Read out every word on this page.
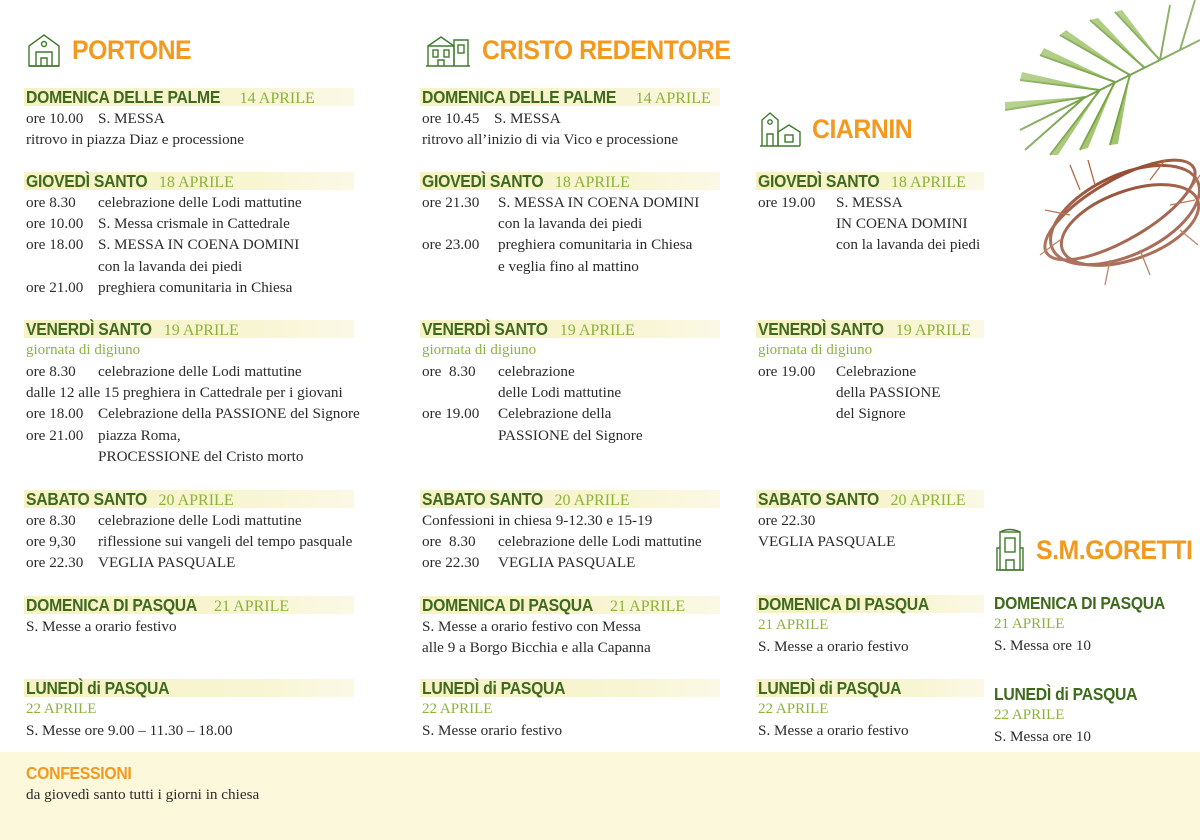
PORTONE
DOMENICA DELLE PALME 14 APRILE
ore 10.00 S. MESSA
ritrovo in piazza Diaz e processione
GIOVEDÌ SANTO 18 APRILE
ore 8.30 celebrazione delle Lodi mattutine
ore 10.00 S. Messa crismale in Cattedrale
ore 18.00 S. MESSA IN COENA DOMINI
con la lavanda dei piedi
ore 21.00 preghiera comunitaria in Chiesa
VENERDÌ SANTO 19 APRILE
giornata di digiuno
ore 8.30 celebrazione delle Lodi mattutine
dalle 12 alle 15 preghiera in Cattedrale per i giovani
ore 18.00 Celebrazione della PASSIONE del Signore
ore 21.00 piazza Roma,
PROCESSIONE del Cristo morto
SABATO SANTO 20 APRILE
ore 8.30 celebrazione delle Lodi mattutine
ore 9,30 riflessione sui vangeli del tempo pasquale
ore 22.30 VEGLIA PASQUALE
DOMENICA DI PASQUA 21 APRILE
S. Messe a orario festivo
LUNEDÌ di PASQUA
22 APRILE
S. Messe ore 9.00 – 11.30 – 18.00
CONFESSIONI
da giovedì santo tutti i giorni in chiesa
CRISTO REDENTORE
DOMENICA DELLE PALME 14 APRILE
ore 10.45 S. MESSA
ritrovo all’inizio di via Vico e processione
GIOVEDÌ SANTO 18 APRILE
ore 21.30 S. MESSA IN COENA DOMINI
con la lavanda dei piedi
ore 23.00 preghiera comunitaria in Chiesa
e veglia fino al mattino
VENERDÌ SANTO 19 APRILE
giornata di digiuno
ore  8.30 celebrazione
delle Lodi mattutine
ore 19.00 Celebrazione della
PASSIONE del Signore
SABATO SANTO 20 APRILE
Confessioni in chiesa 9-12.30 e 15-19
ore  8.30 celebrazione delle Lodi mattutine
ore 22.30 VEGLIA PASQUALE
DOMENICA DI PASQUA 21 APRILE
S. Messe a orario festivo con Messa
alle 9 a Borgo Bicchia e alla Capanna
LUNEDÌ di PASQUA
22 APRILE
S. Messe orario festivo
CIARNIN
GIOVEDÌ SANTO 18 APRILE
ore 19.00 S. MESSA
IN COENA DOMINI
con la lavanda dei piedi
VENERDÌ SANTO 19 APRILE
giornata di digiuno
ore 19.00 Celebrazione
della PASSIONE
del Signore
SABATO SANTO 20 APRILE
ore 22.30
VEGLIA PASQUALE
DOMENICA DI PASQUA
21 APRILE
S. Messe a orario festivo
LUNEDÌ di PASQUA
22 APRILE
S. Messe a orario festivo
S.M.GORETTI
DOMENICA DI PASQUA
21 APRILE
S. Messa ore 10
LUNEDÌ di PASQUA
22 APRILE
S. Messa ore 10
